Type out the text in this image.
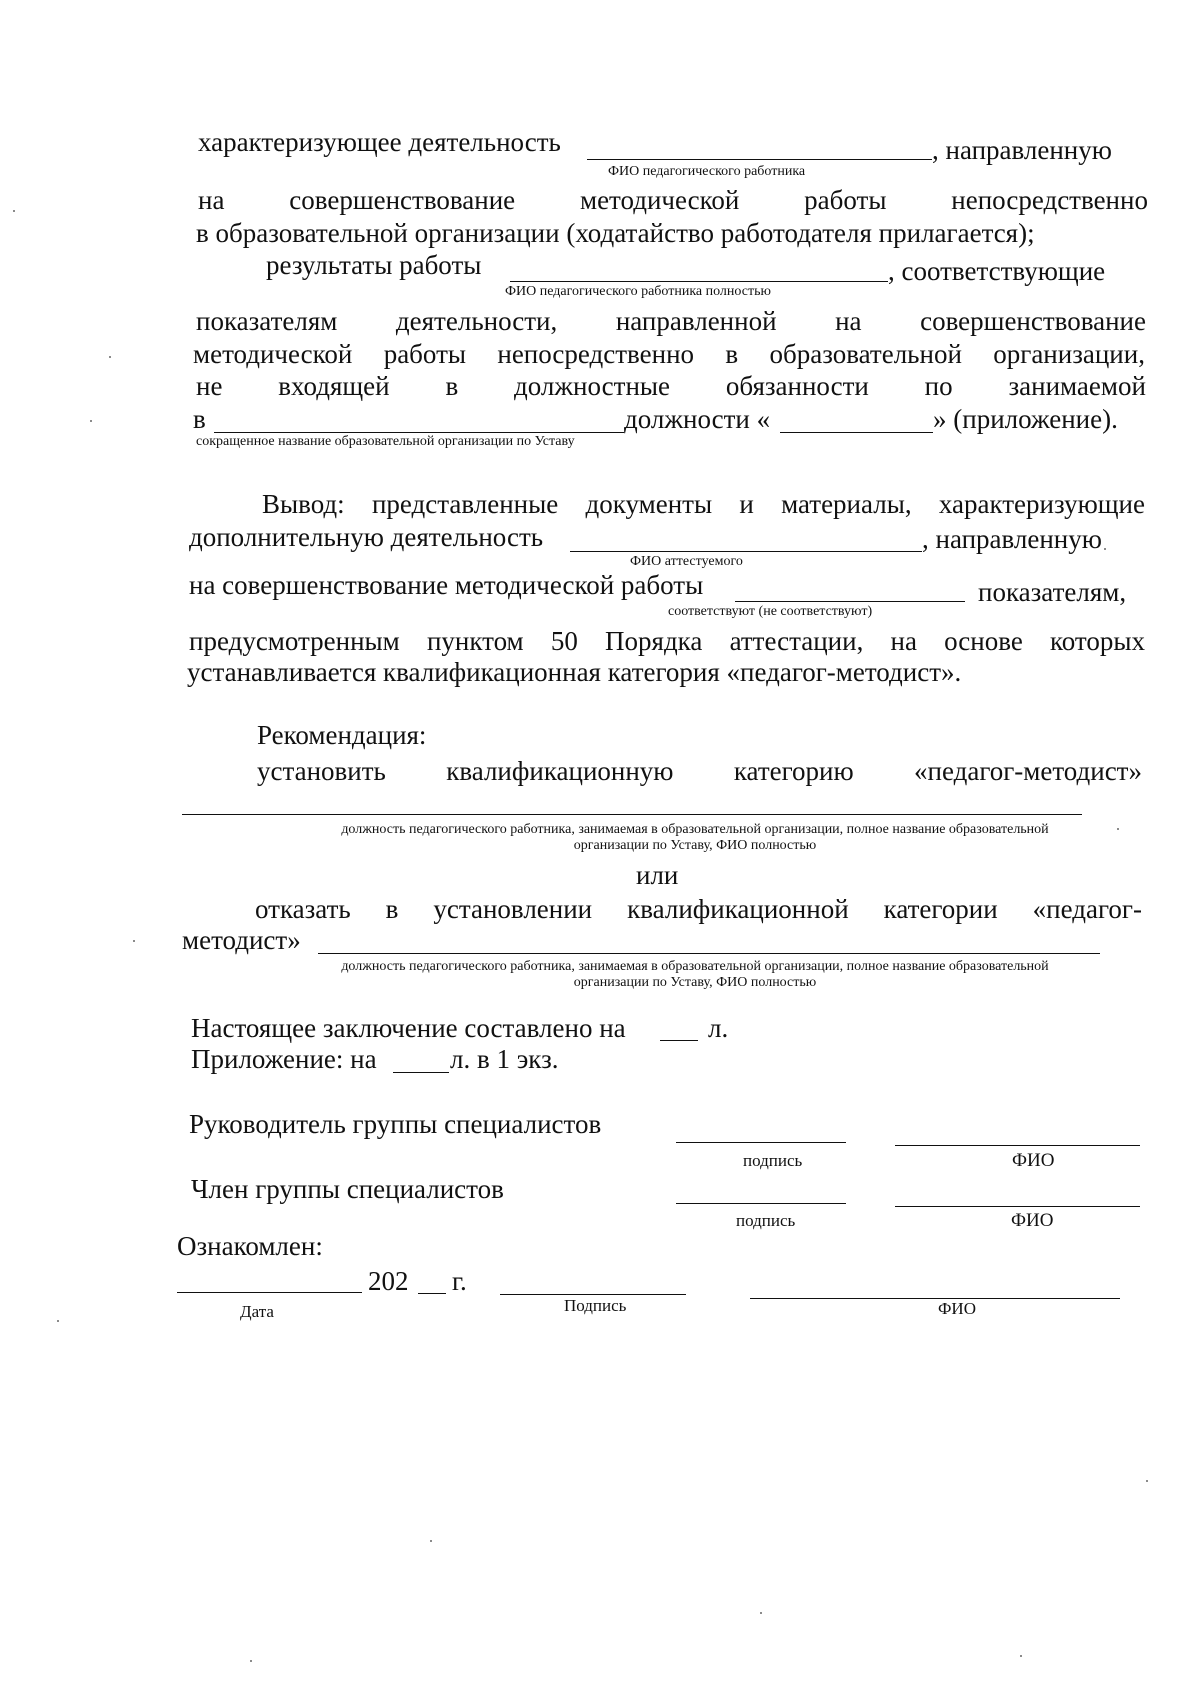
характеризующее деятельность	, направленную
ФИО педагогического работника
на совершенствование методической работы непосредственно
в образовательной организации (ходатайство работодателя прилагается);
результаты работы	, соответствующие
ФИО педагогического работника полностью
показателям деятельности, направленной на совершенствование
методической работы непосредственно в образовательной организации,
не входящей в должностные обязанности по занимаемой
в	должности «	» (приложение).
сокращенное название образовательной организации по Уставу
Вывод: представленные документы и материалы, характеризующие
дополнительную деятельность	, направленную
ФИО аттестуемого
на совершенствование методической работы	показателям,
соответствуют (не соответствуют)
предусмотренным пунктом 50 Порядка аттестации, на основе которых
устанавливается квалификационная категория «педагог-методист».
Рекомендация:
установить квалификационную категорию «педагог-методист»
должность педагогического работника, занимаемая в образовательной организации, полное название образовательной
организации по Уставу, ФИО полностью
или
отказать в установлении квалификационной категории «педагог-
методист»
должность педагогического работника, занимаемая в образовательной организации, полное название образовательной
организации по Уставу, ФИО полностью
Настоящее заключение составлено на	л.
Приложение: на	л. в 1 экз.
Руководитель группы специалистов
подпись	ФИО
Член группы специалистов
подпись	ФИО
Ознакомлен:
202 г.
Дата	Подпись	ФИО
